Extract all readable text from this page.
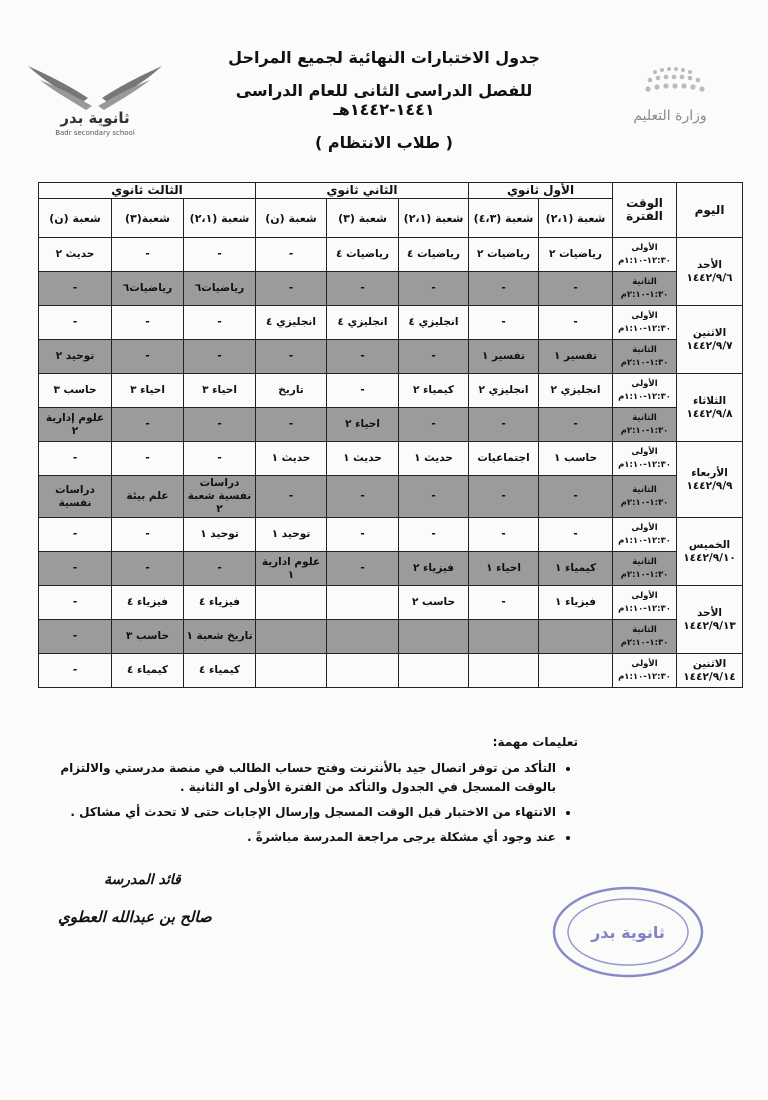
ثانوية بدر
Badr secondary school
وزارة التعليم
جدول الاختبارات النهائية لجميع المراحل
للفصل الدراسى الثانى للعام الدراسى ١٤٤١-١٤٤٢هـ
( طلاب الانتظام )
اليوم	الوقت
الفترة	الأول ثانوي		الثاني ثانوي			الثالث ثانوي		
		شعبة (٢،١)	شعبة (٤،٣)	شعبة (٢،١)	شعبة (٣)	شعبة (ن)	شعبة (٢،١)	شعبة(٣)	شعبة (ن)
الأحد
١٤٤٢/٩/٦	الأولى ١٢:٣٠-١:١٠م	رياضيات ٢	رياضيات ٢	رياضيات ٤	رياضيات ٤	-	-	-	حديث ٢
	الثانية ١:٣٠-٢:١٠م	-	-	-	-	-	رياضيات٦	رياضيات٦	-
الاثنين
١٤٤٢/٩/٧	الأولى ١٢:٣٠-١:١٠م	-	-	انجليزي ٤	انجليزي ٤	انجليزي ٤	-	-	-
	الثانية ١:٣٠-٢:١٠م	تفسير ١	تفسير ١	-	-	-	-	-	توحيد ٢
الثلاثاء
١٤٤٢/٩/٨	الأولى ١٢:٣٠-١:١٠م	انجليزي ٢	انجليزي ٢	كيمياء ٢	-	تاريخ	احياء ٣	احياء ٣	حاسب ٣
	الثانية ١:٣٠-٢:١٠م	-	-	-	احياء ٢	-	-	-	علوم إدارية ٢
الأربعاء
١٤٤٢/٩/٩	الأولى ١٢:٣٠-١:١٠م	حاسب ١	اجتماعيات	حديث ١	حديث ١	حديث ١	-	-	-
	الثانية ١:٣٠-٢:١٠م	-	-	-	-	-	دراسات نفسية شعبة ٢	علم بيئة	دراسات نفسية
الخميس
١٤٤٢/٩/١٠	الأولى ١٢:٣٠-١:١٠م	-	-	-	-	توحيد ١	توحيد ١	-	-
	الثانية ١:٣٠-٢:١٠م	كيمياء ١	احياء ١	فيزياء ٢	-	علوم ادارية ١	-	-	-
الأحد
١٤٤٢/٩/١٣	الأولى ١٢:٣٠-١:١٠م	فيزياء ١	-	حاسب ٢			فيزياء ٤	فيزياء ٤	-
	الثانية ١:٣٠-٢:١٠م						تاريخ شعبة ١	حاسب ٣	-
الاثنين
١٤٤٢/٩/١٤	الأولى ١٢:٣٠-١:١٠م						كيمياء ٤	كيمياء ٤	-
تعليمات مهمة:
• التأكد من توفر اتصال جيد بالأنترنت وفتح حساب الطالب في منصة مدرستي والالتزام بالوقت المسجل في الجدول والتأكد من الفترة الأولى او الثانية .
• الانتهاء من الاختبار قبل الوقت المسجل وإرسال الإجابات حتى لا تحدث أي مشاكل .
• عند وجود أي مشكلة يرجى مراجعة المدرسة مباشرةً .
قائد المدرسة
صالح بن عبدالله العطوي
ثانوية بدر
